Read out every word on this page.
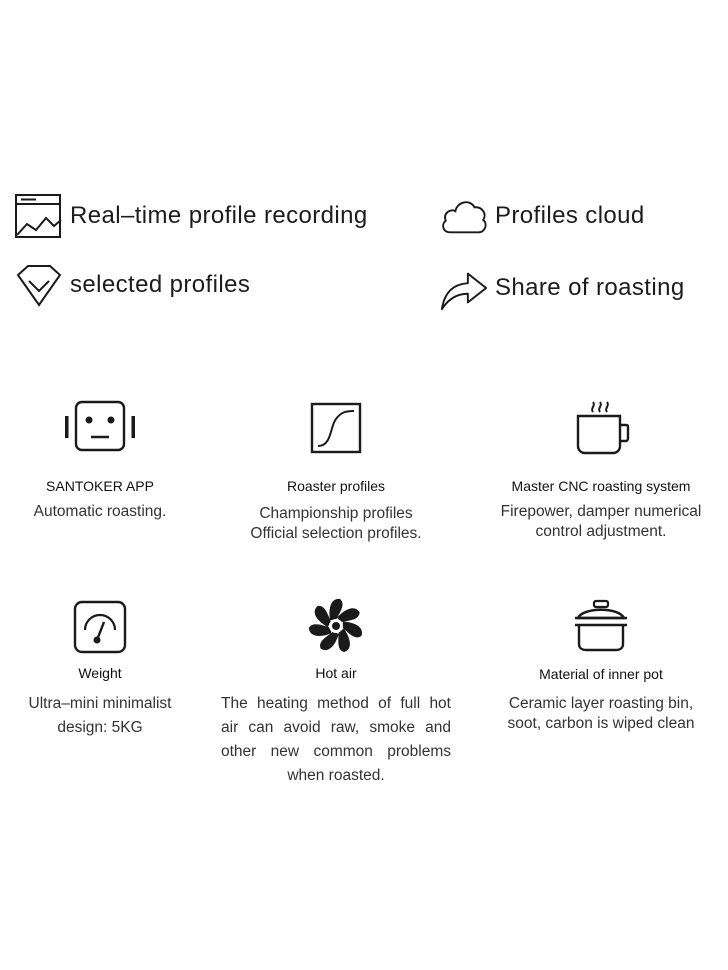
Real–time profile recording	Profiles cloud
selected profiles	Share of roasting
SANTOKER APP
Automatic roasting.
Roaster profiles
Championship profiles
Official selection profiles.
Master CNC roasting system
Firepower, damper numerical
control adjustment.
Weight
Ultra–mini minimalist
design: 5KG
Hot air
The heating method of full hot
air can avoid raw, smoke and
other new common problems
when roasted.
Material of inner pot
Ceramic layer roasting bin,
soot, carbon is wiped clean
